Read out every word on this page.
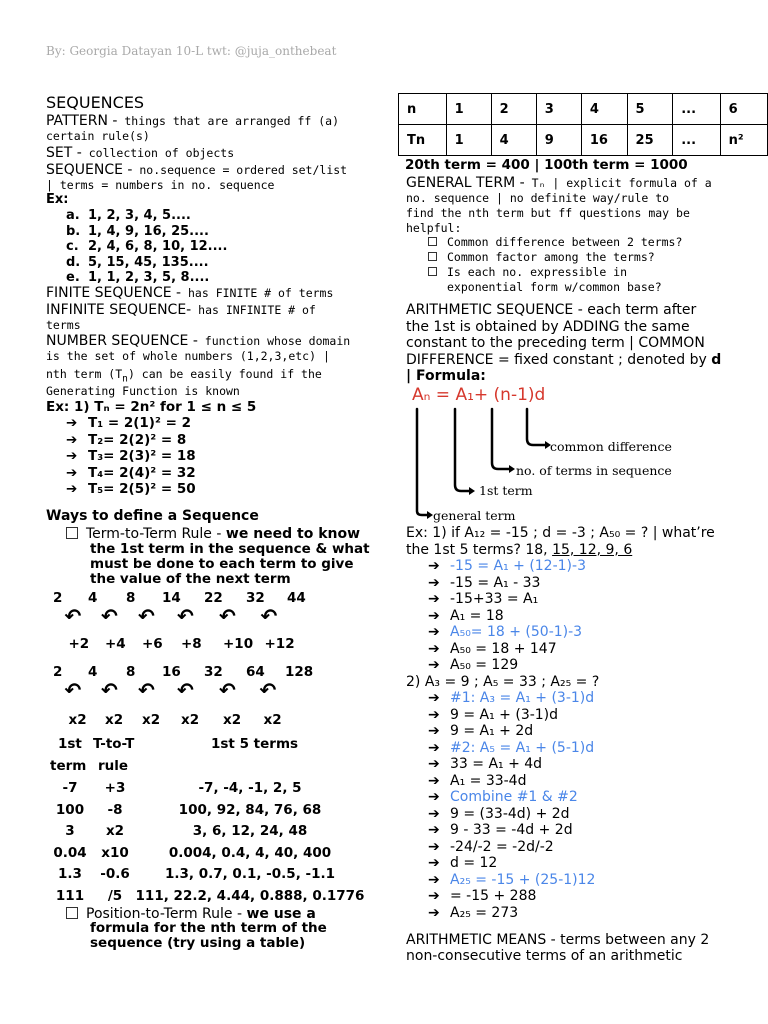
By: Georgia Datayan 10-L twt: @juja_onthebeat
SEQUENCES
PATTERN - things that are arranged ff (a)
certain rule(s)
SET - collection of objects
SEQUENCE - no.sequence = ordered set/list
| terms = numbers in no. sequence
Ex:
a. 1, 2, 3, 4, 5....
b. 1, 4, 9, 16, 25....
c. 2, 4, 6, 8, 10, 12....
d. 5, 15, 45, 135....
e. 1, 1, 2, 3, 5, 8....
FINITE SEQUENCE - has FINITE # of terms
INFINITE SEQUENCE- has INFINITE # of
terms
NUMBER SEQUENCE - function whose domain
is the set of whole numbers (1,2,3,etc) |
nth term $(T_n)$ can be easily found if the
Generating Function is known
Ex: 1) Tₙ = 2n² for 1 ≤ n ≤ 5
➔ T₁ = 2(1)² = 2
➔ T₂= 2(2)² = 8
➔ T₃= 2(3)² = 18
➔ T₄= 2(4)² = 32
➔ T₅= 2(5)² = 50
Ways to define a Sequence
Term-to-Term Rule - we need to know
the 1st term in the sequence & what
must be done to each term to give
the value of the next term
2 4 8 14 22 32 44
↶
+2
↶
+4
↶
+6
↶
+8
↶
+10
↶
+12
2 4 8 16 32 64 128
↶
x2
↶
x2
↶
x2
↶
x2
↶
x2
↶
x2
1st T-to-T	1st 5 terms
term rule
-7 +3	-7, -4, -1, 2, 5
100 -8	100, 92, 84, 76, 68
3 x2	3, 6, 12, 24, 48
0.04 x10	0.004, 0.4, 4, 40, 400
1.3 -0.6	1.3, 0.7, 0.1, -0.5, -1.1
111 /5 111, 22.2, 4.44, 0.888, 0.1776
Position-to-Term Rule - we use a
formula for the nth term of the
sequence (try using a table)
n	1	2	3	4	5	...	6
Tn	1	4	9	16	25	...	n²
20th term = 400 | 100th term = 1000
GENERAL TERM - Tₙ | explicit formula of a
no. sequence | no definite way/rule to
find the nth term but ff questions may be
helpful:
Common difference between 2 terms?
Common factor among the terms?
Is each no. expressible in
exponential form w/common base?
ARITHMETIC SEQUENCE - each term after
the 1st is obtained by ADDING the same
constant to the preceding term | COMMON
DIFFERENCE = fixed constant ; denoted by d
| Formula:
Aₙ = A₁+ (n-1)d
common difference
no. of terms in sequence
1st term
general term
Ex: 1) if A₁₂ = -15 ; d = -3 ; A₅₀ = ? | what’re
the 1st 5 terms? 18, 15, 12, 9, 6
➔ -15 = A₁ + (12-1)-3
➔ -15 = A₁ - 33
➔ -15+33 = A₁
➔ A₁ = 18
➔ A₅₀= 18 + (50-1)-3
➔ A₅₀ = 18 + 147
➔ A₅₀ = 129
2) A₃ = 9 ; A₅ = 33 ; A₂₅ = ?
➔ #1: A₃ = A₁ + (3-1)d
➔ 9 = A₁ + (3-1)d
➔ 9 = A₁ + 2d
➔ #2: A₅ = A₁ + (5-1)d
➔ 33 = A₁ + 4d
➔ A₁ = 33-4d
➔ Combine #1 & #2
➔ 9 = (33-4d) + 2d
➔ 9 - 33 = -4d + 2d
➔ -24/-2 = -2d/-2
➔ d = 12
➔ A₂₅ = -15 + (25-1)12
➔ = -15 + 288
➔ A₂₅ = 273
ARITHMETIC MEANS - terms between any 2
non-consecutive terms of an arithmetic
